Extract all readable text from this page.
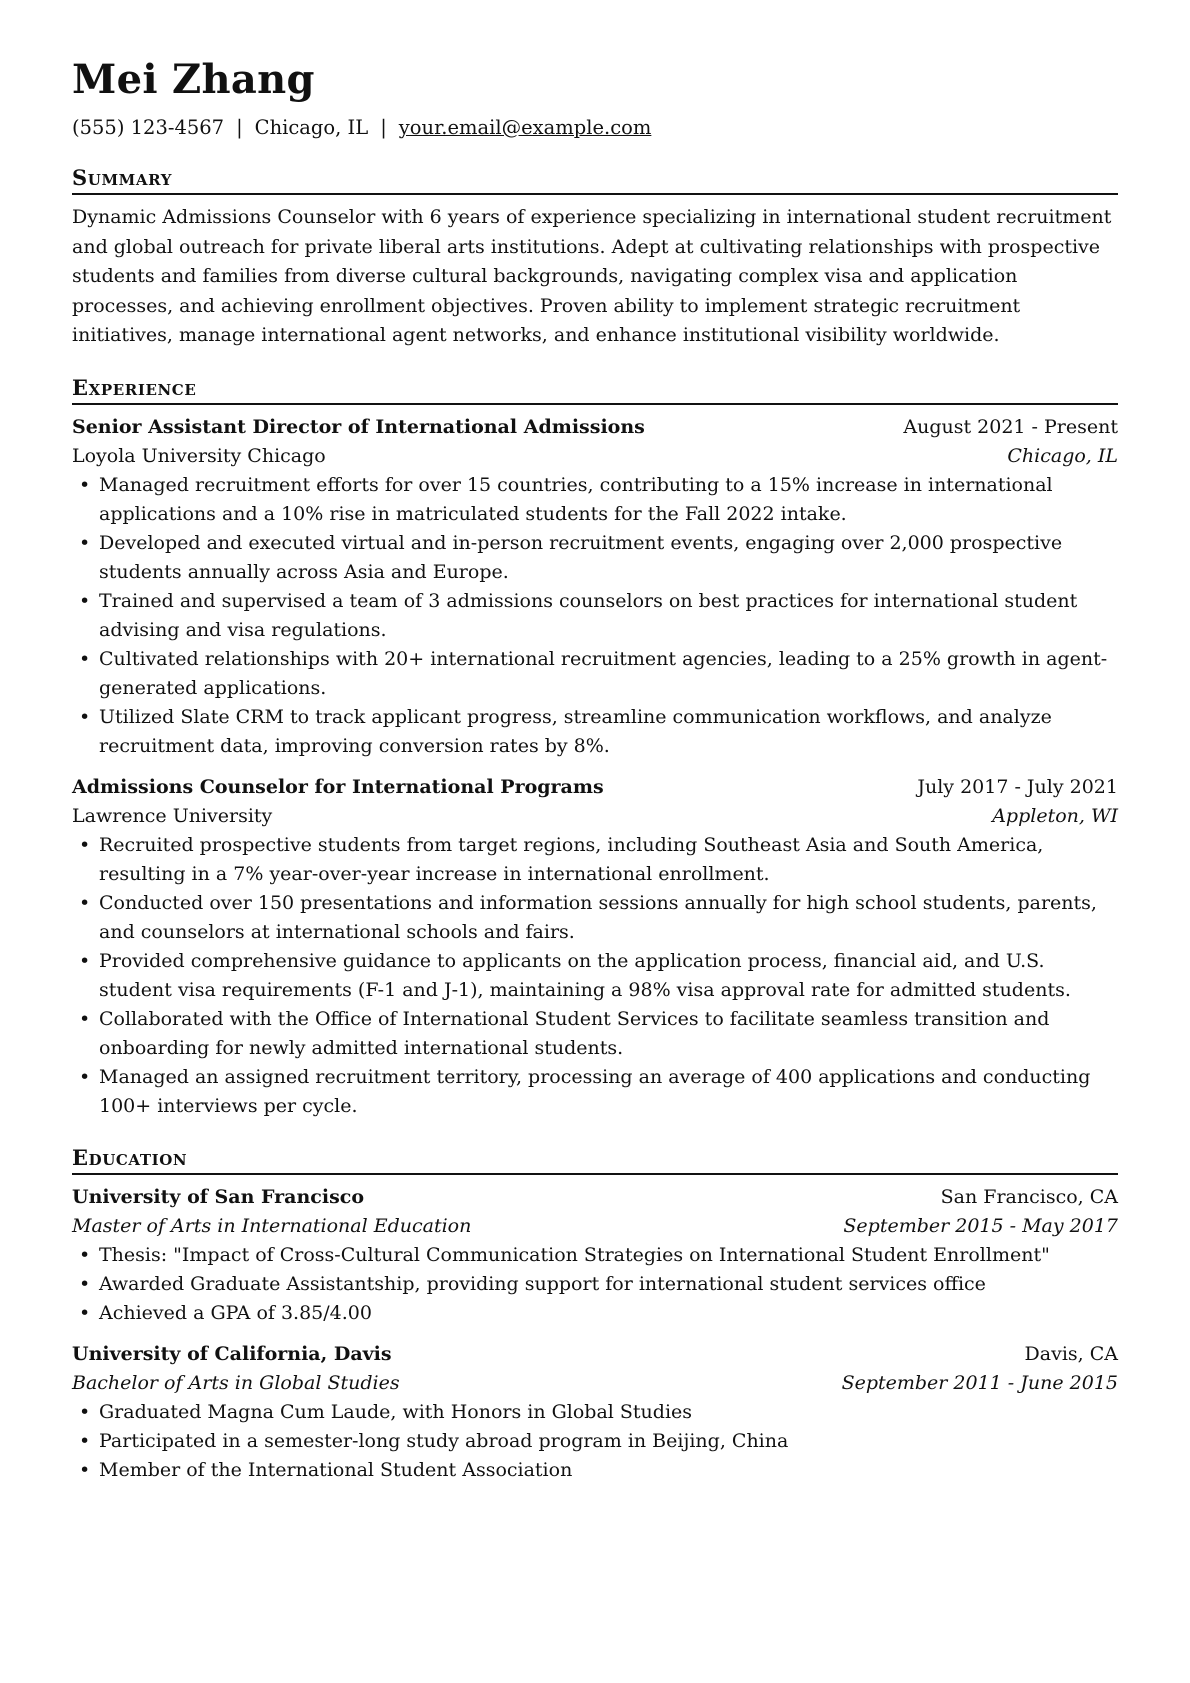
Mei Zhang
(555) 123-4567 | Chicago, IL | your.email@example.com
Summary
Dynamic Admissions Counselor with 6 years of experience specializing in international student recruitment and global outreach for private liberal arts institutions. Adept at cultivating relationships with prospective students and families from diverse cultural backgrounds, navigating complex visa and application processes, and achieving enrollment objectives. Proven ability to implement strategic recruitment initiatives, manage international agent networks, and enhance institutional visibility worldwide.
Experience
Senior Assistant Director of International Admissions	August 2021 - Present
Loyola University Chicago	Chicago, IL
• Managed recruitment efforts for over 15 countries, contributing to a 15% increase in international applications and a 10% rise in matriculated students for the Fall 2022 intake.
• Developed and executed virtual and in-person recruitment events, engaging over 2,000 prospective students annually across Asia and Europe.
• Trained and supervised a team of 3 admissions counselors on best practices for international student advising and visa regulations.
• Cultivated relationships with 20+ international recruitment agencies, leading to a 25% growth in agent-generated applications.
• Utilized Slate CRM to track applicant progress, streamline communication workflows, and analyze recruitment data, improving conversion rates by 8%.
Admissions Counselor for International Programs	July 2017 - July 2021
Lawrence University	Appleton, WI
• Recruited prospective students from target regions, including Southeast Asia and South America, resulting in a 7% year-over-year increase in international enrollment.
• Conducted over 150 presentations and information sessions annually for high school students, parents, and counselors at international schools and fairs.
• Provided comprehensive guidance to applicants on the application process, financial aid, and U.S. student visa requirements (F-1 and J-1), maintaining a 98% visa approval rate for admitted students.
• Collaborated with the Office of International Student Services to facilitate seamless transition and onboarding for newly admitted international students.
• Managed an assigned recruitment territory, processing an average of 400 applications and conducting 100+ interviews per cycle.
Education
University of San Francisco	San Francisco, CA
Master of Arts in International Education	September 2015 - May 2017
• Thesis: "Impact of Cross-Cultural Communication Strategies on International Student Enrollment"
• Awarded Graduate Assistantship, providing support for international student services office
• Achieved a GPA of 3.85/4.00
University of California, Davis	Davis, CA
Bachelor of Arts in Global Studies	September 2011 - June 2015
• Graduated Magna Cum Laude, with Honors in Global Studies
• Participated in a semester-long study abroad program in Beijing, China
• Member of the International Student Association
